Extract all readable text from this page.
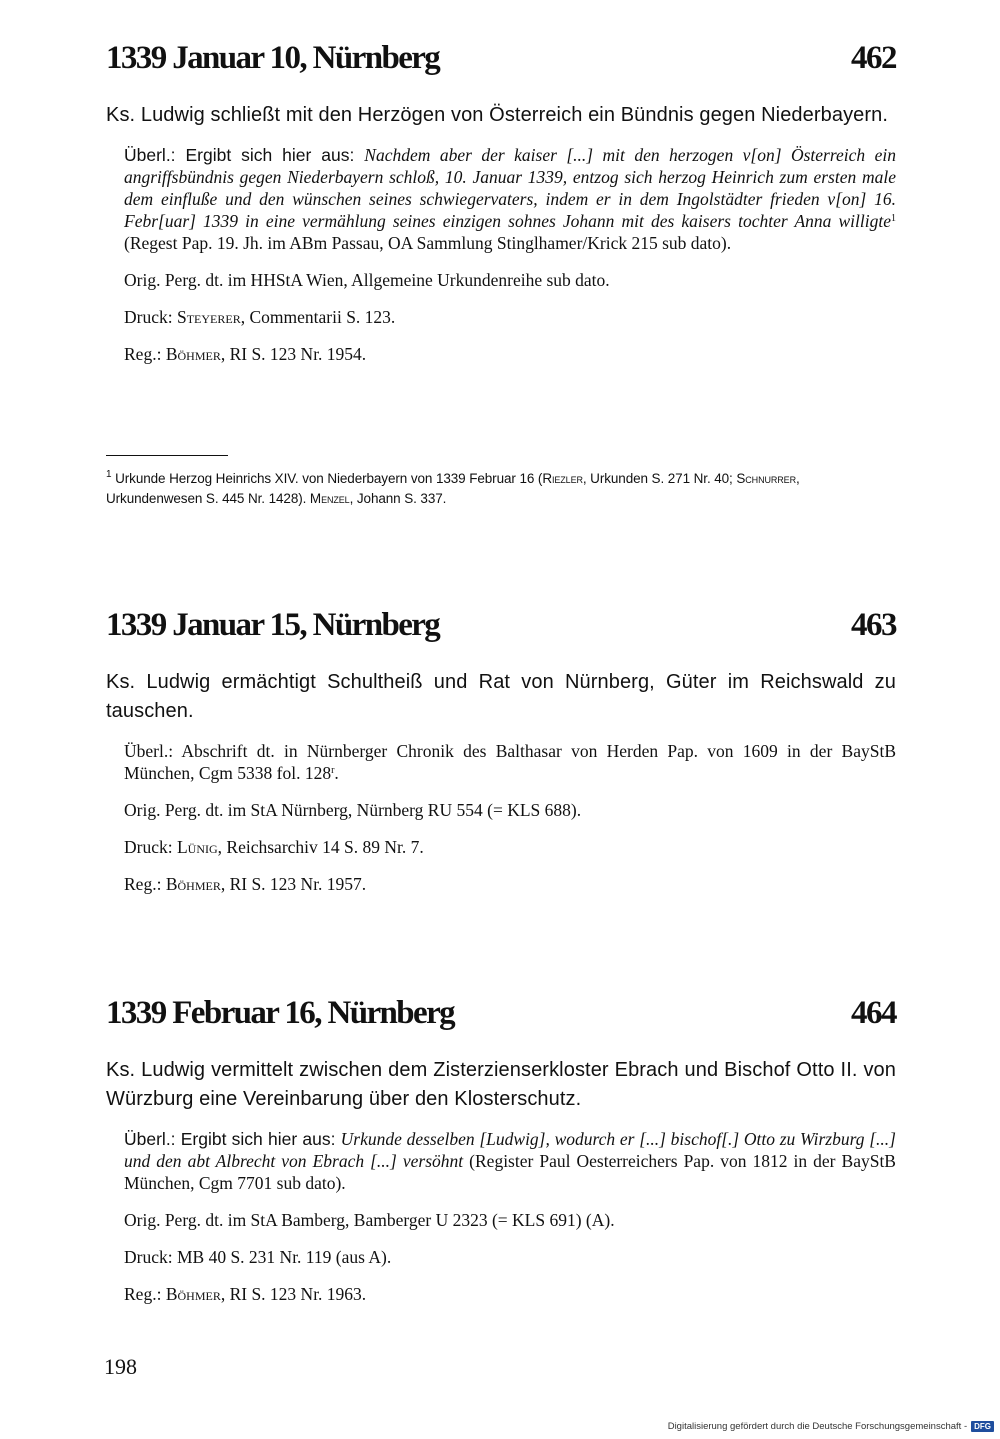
1339 Januar 10, Nürnberg	462
Ks. Ludwig schließt mit den Herzögen von Österreich ein Bündnis gegen Niederbayern.
Überl.: Ergibt sich hier aus: Nachdem aber der kaiser [...] mit den herzogen v[on] Österreich ein angriffsbündnis gegen Niederbayern schloß, 10. Januar 1339, entzog sich herzog Heinrich zum ersten male dem einfluße und den wünschen seines schwiegervaters, indem er in dem Ingolstädter frieden v[on] 16. Febr[uar] 1339 in eine vermählung seines einzigen sohnes Johann mit des kaisers tochter Anna willigte$^1$ (Regest Pap. 19. Jh. im ABm Passau, OA Sammlung Stinglhamer/Krick 215 sub dato).
Orig. Perg. dt. im HHStA Wien, Allgemeine Urkundenreihe sub dato.
Druck: Steyerer, Commentarii S. 123.
Reg.: Böhmer, RI S. 123 Nr. 1954.
$^1$ Urkunde Herzog Heinrichs XIV. von Niederbayern von 1339 Februar 16 (Riezler, Urkunden S. 271 Nr. 40; Schnurrer, Urkundenwesen S. 445 Nr. 1428). Menzel, Johann S. 337.
1339 Januar 15, Nürnberg	463
Ks. Ludwig ermächtigt Schultheiß und Rat von Nürnberg, Güter im Reichswald zu tauschen.
Überl.: Abschrift dt. in Nürnberger Chronik des Balthasar von Herden Pap. von 1609 in der BayStB München, Cgm 5338 fol. 128$^r$.
Orig. Perg. dt. im StA Nürnberg, Nürnberg RU 554 (= KLS 688).
Druck: Lünig, Reichsarchiv 14 S. 89 Nr. 7.
Reg.: Böhmer, RI S. 123 Nr. 1957.
1339 Februar 16, Nürnberg	464
Ks. Ludwig vermittelt zwischen dem Zisterzienserkloster Ebrach und Bischof Otto II. von Würzburg eine Vereinbarung über den Klosterschutz.
Überl.: Ergibt sich hier aus: Urkunde desselben [Ludwig], wodurch er [...] bischof[.] Otto zu Wirzburg [...] und den abt Albrecht von Ebrach [...] versöhnt (Register Paul Oesterreichers Pap. von 1812 in der BayStB München, Cgm 7701 sub dato).
Orig. Perg. dt. im StA Bamberg, Bamberger U 2323 (= KLS 691) (A).
Druck: MB 40 S. 231 Nr. 119 (aus A).
Reg.: Böhmer, RI S. 123 Nr. 1963.
198
Digitalisierung gefördert durch die Deutsche Forschungsgemeinschaft - DFG
